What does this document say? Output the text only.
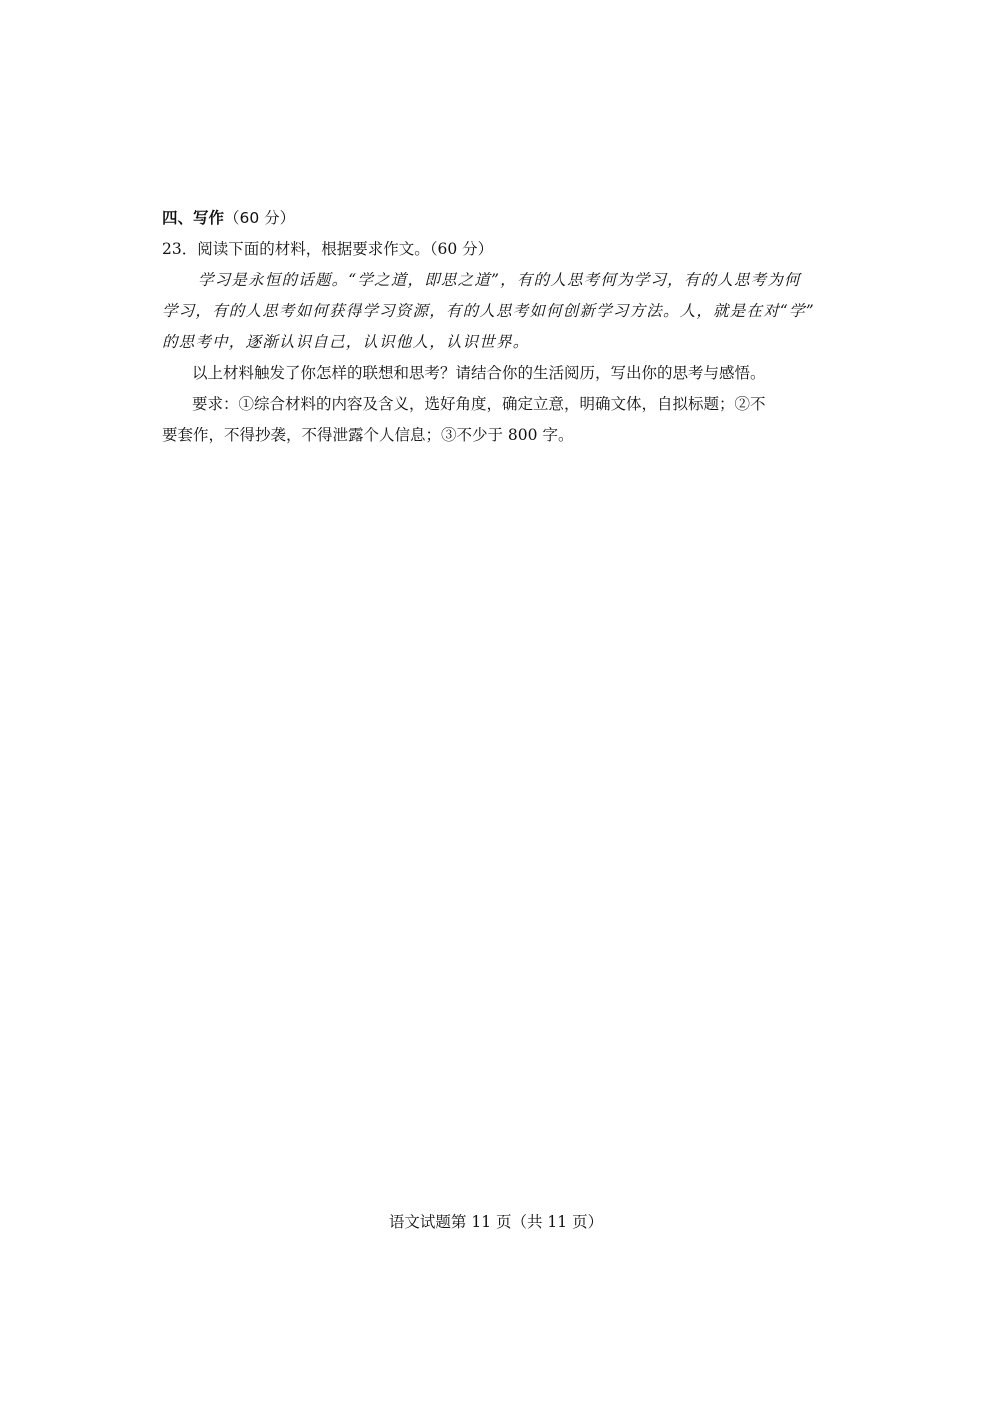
四、写作（60 分）
23．阅读下面的材料，根据要求作文。（60 分）
学习是永恒的话题。“学之道，即思之道”，有的人思考何为学习，有的人思考为何
学习，有的人思考如何获得学习资源，有的人思考如何创新学习方法。人，就是在对“学”
的思考中，逐渐认识自己，认识他人，认识世界。
以上材料触发了你怎样的联想和思考？请结合你的生活阅历，写出你的思考与感悟。
要求：①综合材料的内容及含义，选好角度，确定立意，明确文体，自拟标题；②不
要套作，不得抄袭，不得泄露个人信息；③不少于 800 字。
语文试题第 11 页（共 11 页）
